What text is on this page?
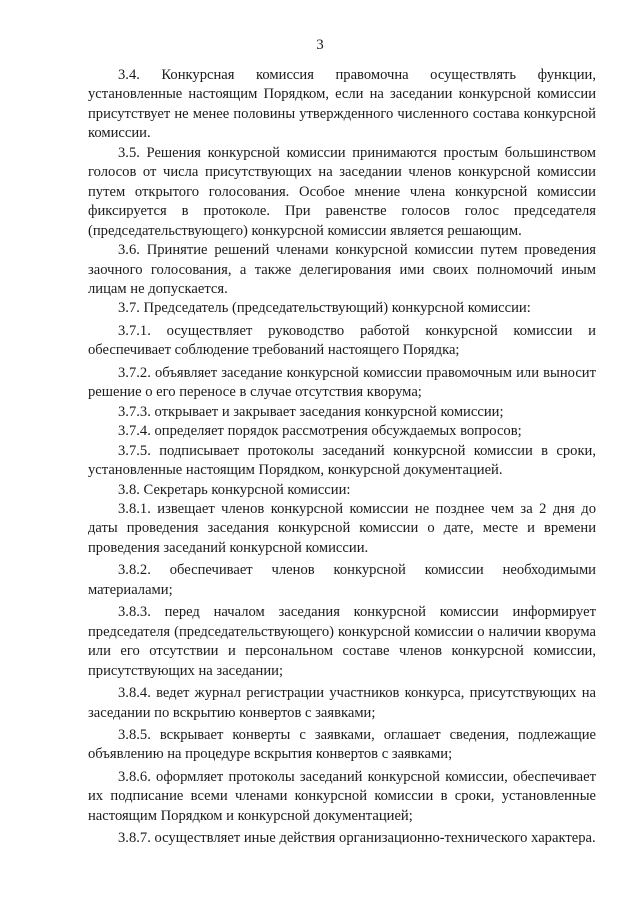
3

3.4. Конкурсная комиссия правомочна осуществлять функции, установленные настоящим Порядком, если на заседании конкурсной комиссии присутствует не менее половины утвержденного численного состава конкурсной комиссии.

3.5. Решения конкурсной комиссии принимаются простым большинством голосов от числа присутствующих на заседании членов конкурсной комиссии путем открытого голосования. Особое мнение члена конкурсной комиссии фиксируется в протоколе. При равенстве голосов голос председателя (председательствующего) конкурсной комиссии является решающим.

3.6. Принятие решений членами конкурсной комиссии путем проведения заочного голосования, а также делегирования ими своих полномочий иным лицам не допускается.

3.7. Председатель (председательствующий) конкурсной комиссии:

3.7.1. осуществляет руководство работой конкурсной комиссии и обеспечивает соблюдение требований настоящего Порядка;

3.7.2. объявляет заседание конкурсной комиссии правомочным или выносит решение о его переносе в случае отсутствия кворума;

3.7.3. открывает и закрывает заседания конкурсной комиссии;

3.7.4. определяет порядок рассмотрения обсуждаемых вопросов;

3.7.5. подписывает протоколы заседаний конкурсной комиссии в сроки, установленные настоящим Порядком, конкурсной документацией.

3.8. Секретарь конкурсной комиссии:

3.8.1. извещает членов конкурсной комиссии не позднее чем за 2 дня до даты проведения заседания конкурсной комиссии о дате, месте и времени проведения заседаний конкурсной комиссии.

3.8.2. обеспечивает членов конкурсной комиссии необходимыми материалами;

3.8.3. перед началом заседания конкурсной комиссии информирует председателя (председательствующего) конкурсной комиссии о наличии кворума или его отсутствии и персональном составе членов конкурсной комиссии, присутствующих на заседании;

3.8.4. ведет журнал регистрации участников конкурса, присутствующих на заседании по вскрытию конвертов с заявками;

3.8.5. вскрывает конверты с заявками, оглашает сведения, подлежащие объявлению на процедуре вскрытия конвертов с заявками;

3.8.6. оформляет протоколы заседаний конкурсной комиссии, обеспечивает их подписание всеми членами конкурсной комиссии в сроки, установленные настоящим Порядком и конкурсной документацией;

3.8.7. осуществляет иные действия организационно-технического характера.
